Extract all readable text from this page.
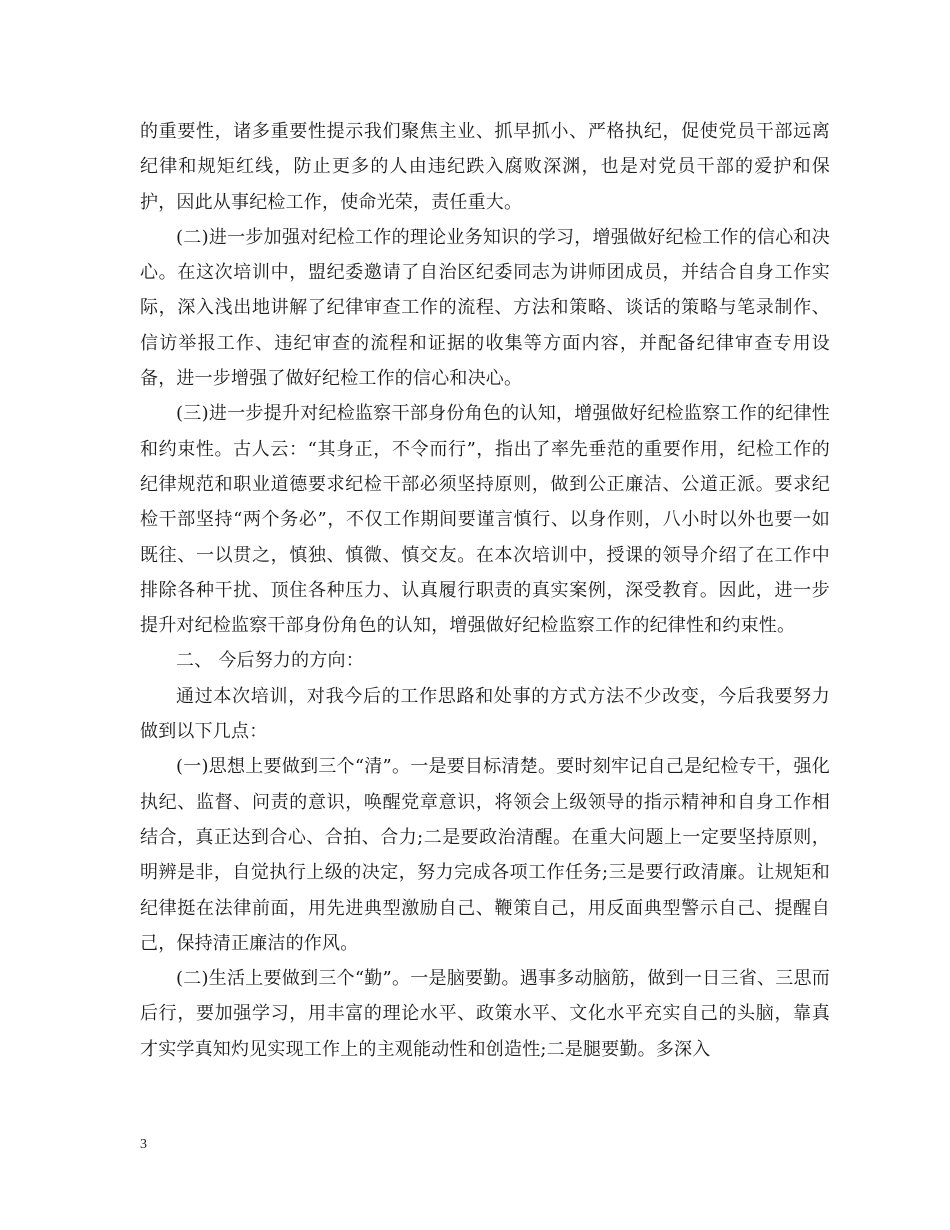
的重要性，诸多重要性提示我们聚焦主业、抓早抓小、严格执纪，促使党员干部远离纪律和规矩红线，防止更多的人由违纪跌入腐败深渊，也是对党员干部的爱护和保护，因此从事纪检工作，使命光荣，责任重大。

(二)进一步加强对纪检工作的理论业务知识的学习，增强做好纪检工作的信心和决心。在这次培训中，盟纪委邀请了自治区纪委同志为讲师团成员，并结合自身工作实际，深入浅出地讲解了纪律审查工作的流程、方法和策略、谈话的策略与笔录制作、信访举报工作、违纪审查的流程和证据的收集等方面内容，并配备纪律审查专用设备，进一步增强了做好纪检工作的信心和决心。

(三)进一步提升对纪检监察干部身份角色的认知，增强做好纪检监察工作的纪律性和约束性。古人云：“其身正，不令而行”，指出了率先垂范的重要作用，纪检工作的纪律规范和职业道德要求纪检干部必须坚持原则，做到公正廉洁、公道正派。要求纪检干部坚持“两个务必”，不仅工作期间要谨言慎行、以身作则，八小时以外也要一如既往、一以贯之，慎独、慎微、慎交友。在本次培训中，授课的领导介绍了在工作中排除各种干扰、顶住各种压力、认真履行职责的真实案例，深受教育。因此，进一步提升对纪检监察干部身份角色的认知，增强做好纪检监察工作的纪律性和约束性。

二、 今后努力的方向：

通过本次培训，对我今后的工作思路和处事的方式方法不少改变，今后我要努力做到以下几点：

(一)思想上要做到三个“清”。一是要目标清楚。要时刻牢记自己是纪检专干，强化执纪、监督、问责的意识，唤醒党章意识，将领会上级领导的指示精神和自身工作相结合，真正达到合心、合拍、合力;二是要政治清醒。在重大问题上一定要坚持原则，明辨是非，自觉执行上级的决定，努力完成各项工作任务;三是要行政清廉。让规矩和纪律挺在法律前面，用先进典型激励自己、鞭策自己，用反面典型警示自己、提醒自己，保持清正廉洁的作风。

(二)生活上要做到三个“勤”。一是脑要勤。遇事多动脑筋，做到一日三省、三思而后行，要加强学习，用丰富的理论水平、政策水平、文化水平充实自己的头脑，靠真才实学真知灼见实现工作上的主观能动性和创造性;二是腿要勤。多深入

3
